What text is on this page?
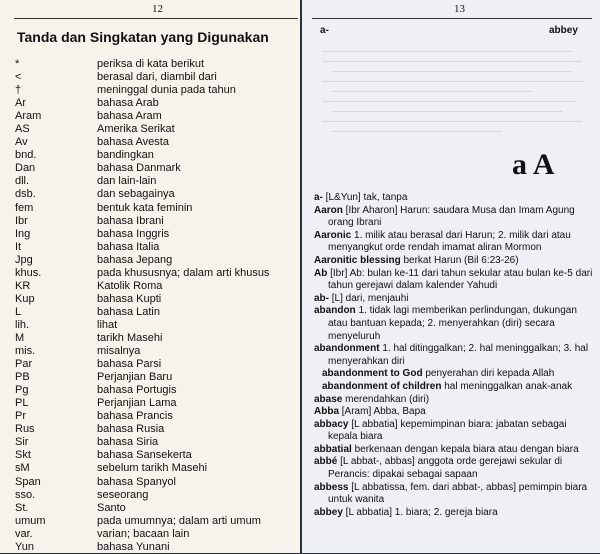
12
Tanda dan Singkatan yang Digunakan
*	periksa di kata berikut
<	berasal dari, diambil dari
†	meninggal dunia pada tahun
Ar	bahasa Arab
Aram	bahasa Aram
AS	Amerika Serikat
Av	bahasa Avesta
bnd.	bandingkan
Dan	bahasa Danmark
dll.	dan lain-lain
dsb.	dan sebagainya
fem	bentuk kata feminin
Ibr	bahasa Ibrani
Ing	bahasa Inggris
It	bahasa Italia
Jpg	bahasa Jepang
khus.	pada khususnya; dalam arti khusus
KR	Katolik Roma
Kup	bahasa Kupti
L	bahasa Latin
lih.	lihat
M	tarikh Masehi
mis.	misalnya
Par	bahasa Parsi
PB	Perjanjian Baru
Pg	bahasa Portugis
PL	Perjanjian Lama
Pr	bahasa Prancis
Rus	bahasa Rusia
Sir	bahasa Siria
Skt	bahasa Sansekerta
sM	sebelum tarikh Masehi
Span	bahasa Spanyol
sso.	seseorang
St.	Santo
umum	pada umumnya; dalam arti umum
var.	varian; bacaan lain
Yun	bahasa Yunani
13
a-	abbey
a A
a- [L&Yun] tak, tanpa
Aaron [Ibr Aharon] Harun: saudara Musa dan Imam Agung orang Ibrani
Aaronic 1. milik atau berasal dari Harun; 2. milik dari atau menyangkut orde rendah imamat aliran Mormon
Aaronitic blessing berkat Harun (Bil 6:23-26)
Ab [Ibr] Ab: bulan ke-11 dari tahun sekular atau bulan ke-5 dari tahun gerejawi dalam kalender Yahudi
ab- [L] dari, menjauhi
abandon 1. tidak lagi memberikan perlindungan, dukungan atau bantuan kepada; 2. menyerahkan (diri) secara menyeluruh
abandonment 1. hal ditinggalkan; 2. hal meninggalkan; 3. hal menyerahkan diri
abandonment to God penyerahan diri kepada Allah
abandonment of children hal meninggalkan anak-anak
abase merendahkan (diri)
Abba [Aram] Abba, Bapa
abbacy [L abbatia] kepemimpinan biara: jabatan sebagai kepala biara
abbatial berkenaan dengan kepala biara atau dengan biara
abbé [L abbat-, abbas] anggota orde gerejawi sekular di Perancis: dipakai sebagai sapaan
abbess [L abbatissa, fem. dari abbat-, abbas] pemimpin biara untuk wanita
abbey [L abbatia] 1. biara; 2. gereja biara
